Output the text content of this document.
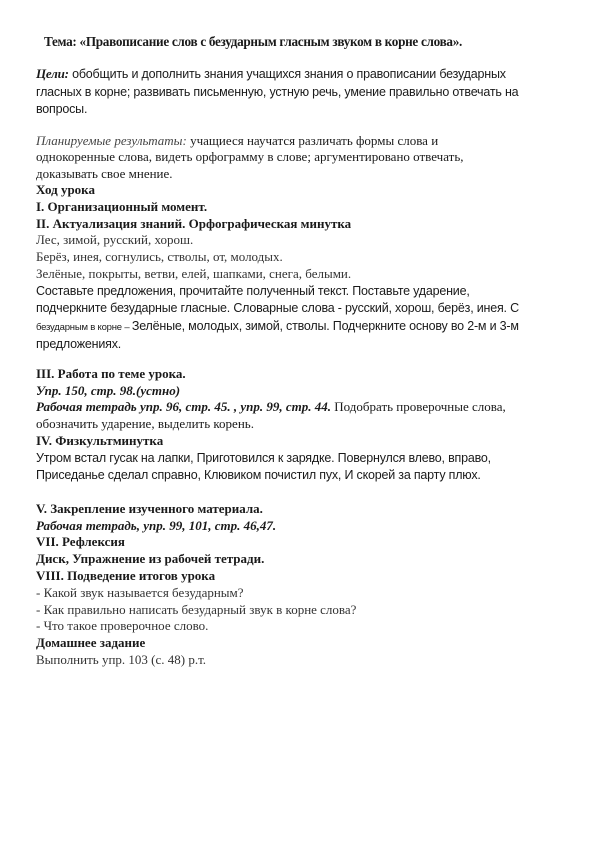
Тема: «Правописание слов с безударным гласным звуком в корне слова».
Цели: обобщить и дополнить знания учащихся знания о правописании безударных
гласных в корне; развивать письменную, устную речь, умение правильно отвечать на
вопросы.
Планируемые результаты: учащиеся научатся различать формы слова и
однокоренные слова, видеть орфограмму в слове; аргументировано отвечать,
доказывать свое мнение.
Ход урока
I. Организационный момент.
II. Актуализация знаний. Орфографическая минутка
Лес, зимой, русский, хорош.
Берёз, инея, согнулись, стволы, от, молодых.
Зелёные, покрыты, ветви, елей, шапками, снега, белыми.
Составьте предложения, прочитайте полученный текст. Поставьте ударение,
подчеркните безударные гласные. Словарные слова - русский, хорош, берёз, инея. С
безударным в корне – Зелёные, молодых, зимой, стволы. Подчеркните основу во 2-м и 3-м
предложениях.
III. Работа по теме урока.
Упр. 150, стр. 98.(устно)
Рабочая тетрадь упр. 96, стр. 45. , упр. 99, стр. 44. Подобрать проверочные слова,
обозначить ударение, выделить корень.
IV. Физкультминутка
Утром встал гусак на лапки, Приготовился к зарядке. Повернулся влево, вправо,
Приседанье сделал справно, Клювиком почистил пух, И скорей за парту плюх.
V. Закрепление изученного материала.
Рабочая тетрадь, упр. 99, 101, стр. 46,47.
VII. Рефлексия
Диск, Упражнение из рабочей тетради.
VIII. Подведение итогов урока
- Какой звук называется безударным?
- Как правильно написать безударный звук в корне слова?
- Что такое проверочное слово.
Домашнее задание
Выполнить упр. 103 (с. 48) р.т.
